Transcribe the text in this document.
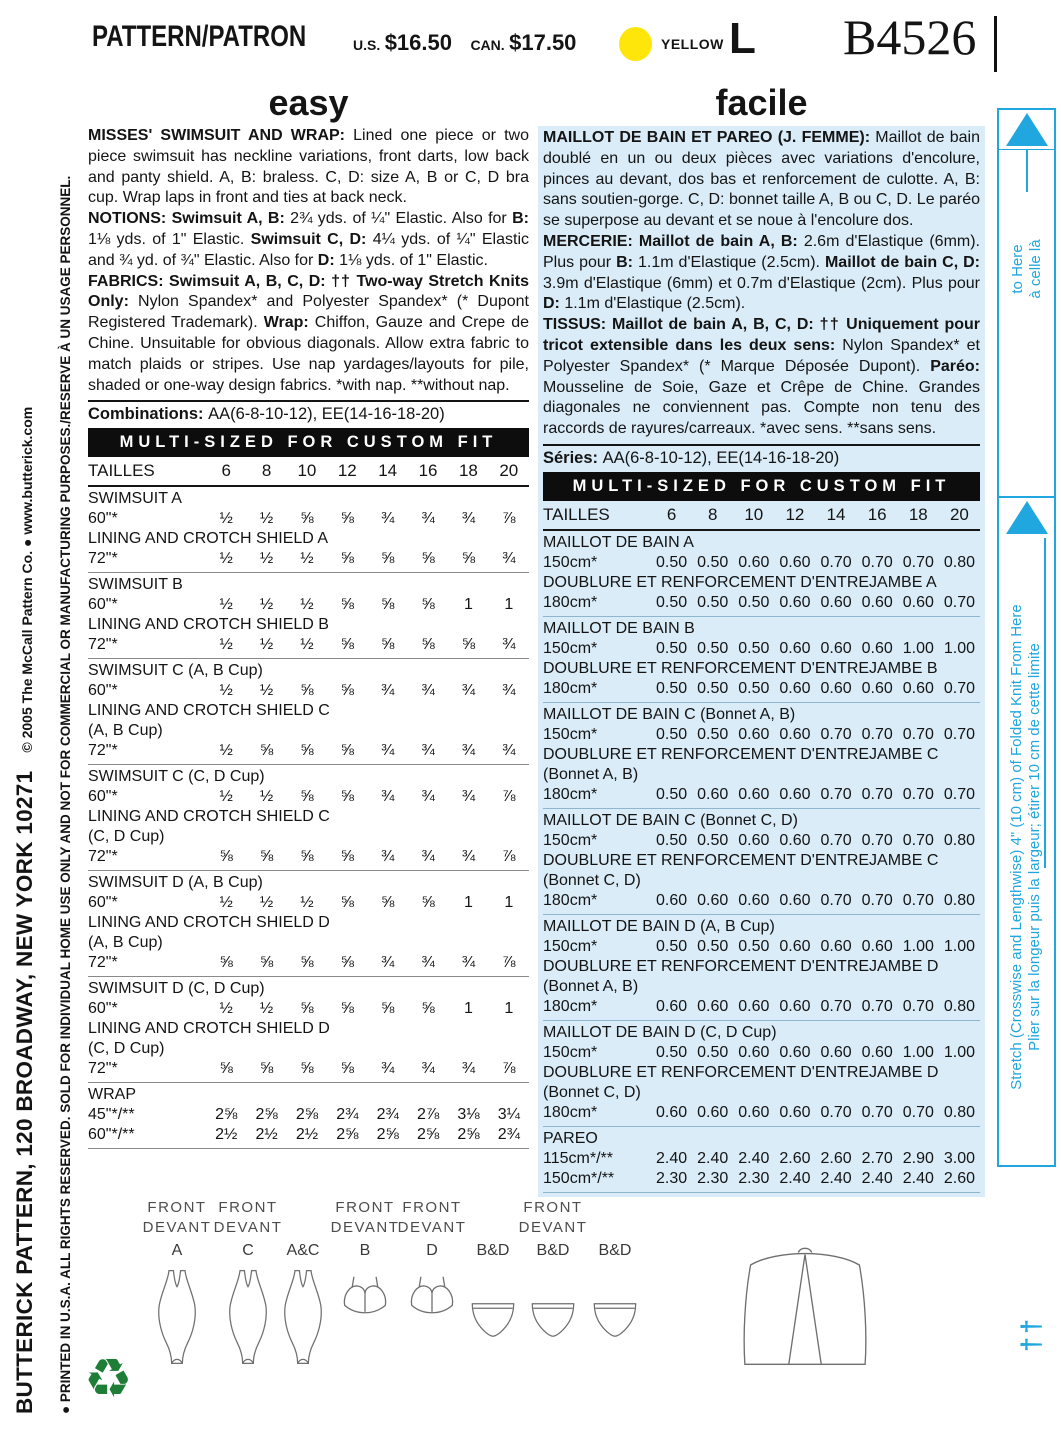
PATTERN/PATRON	U.S. $16.50 CAN. $17.50	YELLOW L B4526
easy

MISSES' SWIMSUIT AND WRAP: Lined one piece or two piece swimsuit has neckline variations, front darts, low back and panty shield. A, B: braless. C, D: size A, B or C, D bra cup. Wrap laps in front and ties at back neck.

NOTIONS: Swimsuit A, B: 2¾ yds. of ¼" Elastic. Also for B: 1⅛ yds. of 1" Elastic. Swimsuit C, D: 4¼ yds. of ¼" Elastic and ¾ yd. of ¾" Elastic. Also for D: 1⅛ yds. of 1" Elastic.

FABRICS: Swimsuit A, B, C, D: †† Two-way Stretch Knits Only: Nylon Spandex* and Polyester Spandex* (* Dupont Registered Trademark). Wrap: Chiffon, Gauze and Crepe de Chine. Unsuitable for obvious diagonals. Allow extra fabric to match plaids or stripes. Use nap yardages/layouts for pile, shaded or one-way design fabrics. *with nap. **without nap.

Combinations: AA(6-8-10-12), EE(14-16-18-20)
MULTI-SIZED FOR CUSTOM FIT
TAILLES	6	8	10	12	14	16	18	20
SWIMSUIT A
60"*	½	½	⅝	⅝	¾	¾	¾	⅞
LINING AND CROTCH SHIELD A
72"*	½	½	½	⅝	⅝	⅝	⅝	¾
SWIMSUIT B
60"*	½	½	½	⅝	⅝	⅝	1	1
LINING AND CROTCH SHIELD B
72"*	½	½	½	⅝	⅝	⅝	⅝	¾
SWIMSUIT C (A, B Cup)
60"*	½	½	⅝	⅝	¾	¾	¾	¾
LINING AND CROTCH SHIELD C
(A, B Cup)
72"*	½	⅝	⅝	⅝	¾	¾	¾	¾
SWIMSUIT C (C, D Cup)
60"*	½	½	⅝	⅝	¾	¾	¾	⅞
LINING AND CROTCH SHIELD C
(C, D Cup)
72"*	⅝	⅝	⅝	⅝	¾	¾	¾	⅞
SWIMSUIT D (A, B Cup)
60"*	½	½	½	⅝	⅝	⅝	1	1
LINING AND CROTCH SHIELD D
(A, B Cup)
72"*	⅝	⅝	⅝	⅝	¾	¾	¾	⅞
SWIMSUIT D (C, D Cup)
60"*	½	½	⅝	⅝	⅝	⅝	1	1
LINING AND CROTCH SHIELD D
(C, D Cup)
72"*	⅝	⅝	⅝	⅝	¾	¾	¾	⅞
WRAP
45"*/**	2⅝	2⅝	2⅝	2¾	2¾	2⅞	3⅛	3¼
60"*/**	2½	2½	2½	2⅝	2⅝	2⅝	2⅝	2¾
facile

MAILLOT DE BAIN ET PAREO (J. FEMME): Maillot de bain doublé en un ou deux pièces avec variations d'encolure, pinces au devant, dos bas et renforcement de culotte. A, B: sans soutien-gorge. C, D: bonnet taille A, B ou C, D. Le paréo se superpose au devant et se noue à l'encolure dos.

MERCERIE: Maillot de bain A, B: 2.6m d'Elastique (6mm). Plus pour B: 1.1m d'Elastique (2.5cm). Maillot de bain C, D: 3.9m d'Elastique (6mm) et 0.7m d'Elastique (2cm). Plus pour D: 1.1m d'Elastique (2.5cm).

TISSUS: Maillot de bain A, B, C, D: †† Uniquement pour tricot extensible dans les deux sens: Nylon Spandex* et Polyester Spandex* (* Marque Déposée Dupont). Paréo: Mousseline de Soie, Gaze et Crêpe de Chine. Grandes diagonales ne conviennent pas. Compte non tenu des raccords de rayures/carreaux. *avec sens. **sans sens.

Séries: AA(6-8-10-12), EE(14-16-18-20)
MULTI-SIZED FOR CUSTOM FIT
TAILLES	6	8	10	12	14	16	18	20
MAILLOT DE BAIN A
150cm*	0.50 0.50 0.60 0.60 0.70 0.70 0.70 0.80
DOUBLURE ET RENFORCEMENT D'ENTREJAMBE A
180cm*	0.50 0.50 0.50 0.60 0.60 0.60 0.60 0.70
MAILLOT DE BAIN B
150cm*	0.50 0.50 0.50 0.60 0.60 0.60 1.00 1.00
DOUBLURE ET RENFORCEMENT D'ENTREJAMBE B
180cm*	0.50 0.50 0.50 0.60 0.60 0.60 0.60 0.70
MAILLOT DE BAIN C (Bonnet A, B)
150cm*	0.50 0.50 0.60 0.60 0.70 0.70 0.70 0.70
DOUBLURE ET RENFORCEMENT D'ENTREJAMBE C
(Bonnet A, B)
180cm*	0.50 0.60 0.60 0.60 0.70 0.70 0.70 0.70
MAILLOT DE BAIN C (Bonnet C, D)
150cm*	0.50 0.50 0.60 0.60 0.70 0.70 0.70 0.80
DOUBLURE ET RENFORCEMENT D'ENTREJAMBE C
(Bonnet C, D)
180cm*	0.60 0.60 0.60 0.60 0.70 0.70 0.70 0.80
MAILLOT DE BAIN D (A, B Cup)
150cm*	0.50 0.50 0.50 0.60 0.60 0.60 1.00 1.00
DOUBLURE ET RENFORCEMENT D'ENTREJAMBE D
(Bonnet A, B)
180cm*	0.60 0.60 0.60 0.60 0.70 0.70 0.70 0.80
MAILLOT DE BAIN D (C, D Cup)
150cm*	0.50 0.50 0.60 0.60 0.60 0.60 1.00 1.00
DOUBLURE ET RENFORCEMENT D'ENTREJAMBE D
(Bonnet C, D)
180cm*	0.60 0.60 0.60 0.60 0.70 0.70 0.70 0.80
PAREO
115cm*/**	2.40 2.40 2.40 2.60 2.60 2.70 2.90 3.00
150cm*/**	2.30 2.30 2.30 2.40 2.40 2.40 2.40 2.60
BUTTERICK PATTERN, 120 BROADWAY, NEW YORK 10271© 2005 The McCall Pattern Co. ● www.butterick.com ● PRINTED IN U.S.A. ALL RIGHTS RESERVED. SOLD FOR INDIVIDUAL HOME USE ONLY AND NOT FOR COMMERCIAL OR MANUFACTURING PURPOSES./RESERVE À UN USAGE PERSONNEL. ♻
to Here à celle là
Stretch (Crosswise and Lengthwise) 4" (10 cm) of Folded Knit From Here Plier sur la longeur puis la largeur; étirer 10 cm de cette limite
††
FRONT
DEVANT
A
FRONT
DEVANT
C	A&C
FRONT
DEVANT
B
FRONT
DEVANT
D	B&D
FRONT
DEVANT
B&D	B&D
